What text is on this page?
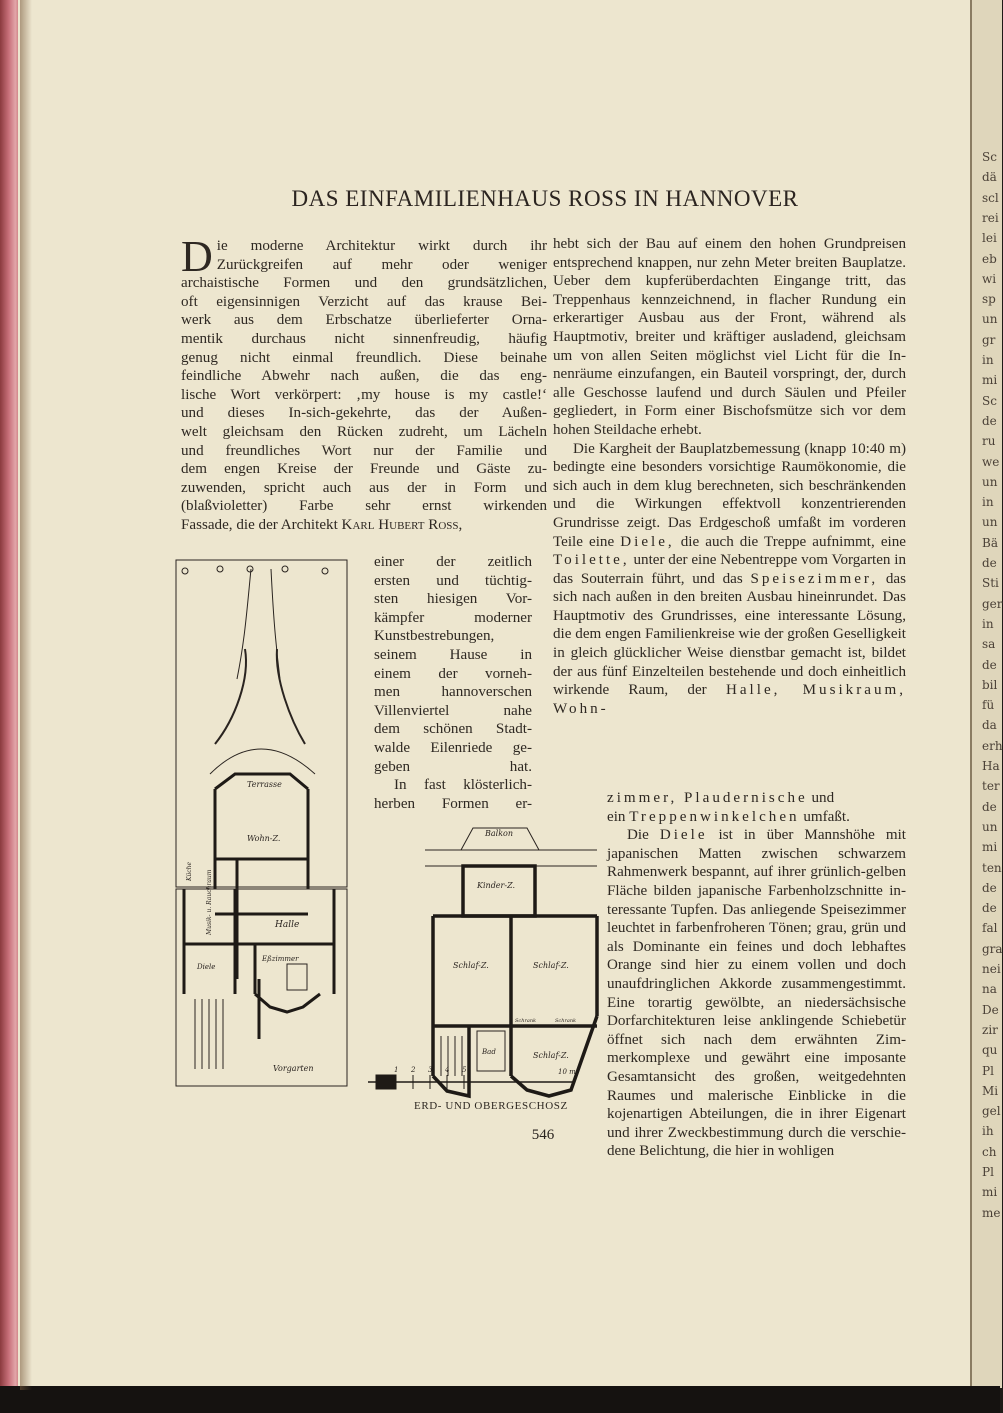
Sc
dä
scl
rei
lei
eb
wi
sp
un
gr
in
mi
Sc
de
ru
we
un
in
un
Bä
de
Sti
ger
in
sa
de
bil
fü
da
erh
Ha
ter
de
un
mi
ten
de
de
fal
gra
nei
na
De
zir
qu
Pl
Mi
gel
ih
ch
Pl
mi
me
DAS EINFAMILIENHAUS ROSS IN HANNOVER
D ie moderne Architektur wirkt durch ihr
Zurückgreifen auf mehr oder weniger
archaistische Formen und den grundsätzlichen,
oft eigensinnigen Verzicht auf das krause Bei-
werk aus dem Erbschatze überlieferter Orna-
mentik durchaus nicht sinnenfreudig, häufig
genug nicht einmal freundlich. Diese beinahe
feindliche Abwehr nach außen, die das eng-
lische Wort verkörpert: ‚my house is my castle!‘
und dieses In-sich-gekehrte, das der Außen-
welt gleichsam den Rücken zudreht, um Lächeln
und freundliches Wort nur der Familie und
dem engen Kreise der Freunde und Gäste zu-
zuwenden, spricht auch aus der in Form und
(blaßvioletter) Farbe sehr ernst wirkenden
Fassade, die der Architekt Karl Hubert Ross,
einer der zeitlich
ersten und tüchtig-
sten hiesigen Vor-
kämpfer moderner
Kunstbestrebungen,
seinem Hause in
einem der vorneh-
men hannoverschen
Villenviertel nahe
dem schönen Stadt-
walde Eilenriede ge-
geben hat.
In fast klösterlich-
herben Formen er-

hebt sich der Bau auf einem den hohen Grundpreisen entsprechend knappen, nur zehn Meter breiten Bauplatze. Ueber dem kupferüberdachten Eingange tritt, das Treppenhaus kennzeichnend, in flacher Rundung ein erkerartiger Ausbau aus der Front, während als Hauptmotiv, breiter und kräftiger ausladend, gleichsam um von allen Seiten möglichst viel Licht für die Innenräume einzufangen, ein Bauteil vorspringt, der, durch alle Geschosse laufend und durch Säulen und Pfeiler gegliedert, in Form einer Bischofsmütze sich vor dem hohen Steildache erhebt.

Die Kargheit der Bauplatzbemessung (knapp 10:40 m) bedingte eine besonders vorsichtige Raumökonomie, die sich auch in dem klug berechneten, sich beschränkenden und die Wirkungen effektvoll konzentrierenden Grundrisse zeigt. Das Erdgeschoß umfaßt im vorderen Teile eine Diele, die auch die Treppe aufnimmt, eine Toilette, unter der eine Nebentreppe vom Vorgarten in das Souterrain führt, und das Speisezimmer, das sich nach außen in den breiten Ausbau hineinrundet. Das Hauptmotiv des Grundrisses, eine interessante Lösung, die dem engen Familienkreise wie der großen Geselligkeit in gleich glücklicher Weise dienstbar gemacht ist, bildet der aus fünf Einzelteilen bestehende und doch einheitlich wirkende Raum, der Halle, Musikraum, Wohn-

zimmer, Plaudernische und

ein Treppenwinkelchen umfaßt.

Die Diele ist in über Mannshöhe mit japanischen Matten zwischen schwarzem Rahmenwerk bespannt, auf ihrer grünlich-gelben Fläche bilden japanische Farbenholzschnitte interessante Tupfen. Das anliegende Speisezimmer leuchtet in farbenfroheren Tönen; grau, grün und als Dominante ein feines und doch lebhaftes Orange sind hier zu einem vollen und doch unaufdringlichen Akkorde zusammengestimmt. Eine torartig gewölbte, an niedersächsische Dorfarchitekturen leise anklingende Schiebetür öffnet sich nach dem erwähnten Zimmerkomplexe und gewährt eine imposante Gesamtansicht des großen, weitgedehnten Raumes und malerische Einblicke in die kojenartigen Abteilungen, die in ihrer Eigenart und ihrer Zweckbestimmung durch die verschiedene Belichtung, die hier in wohligen

Terrasse
Wohn-Z.
Küche
Halle
Diele
Eßzimmer
Vorgarten
Musik- u. Rauchraum
Balkon
Kinder-Z.
Schlaf-Z.	Schlaf-Z.
Schlaf-Z.
Schrank	Schrank
Bad
1 2 3 4 5	10 m
ERD- UND OBERGESCHOSZ
546
